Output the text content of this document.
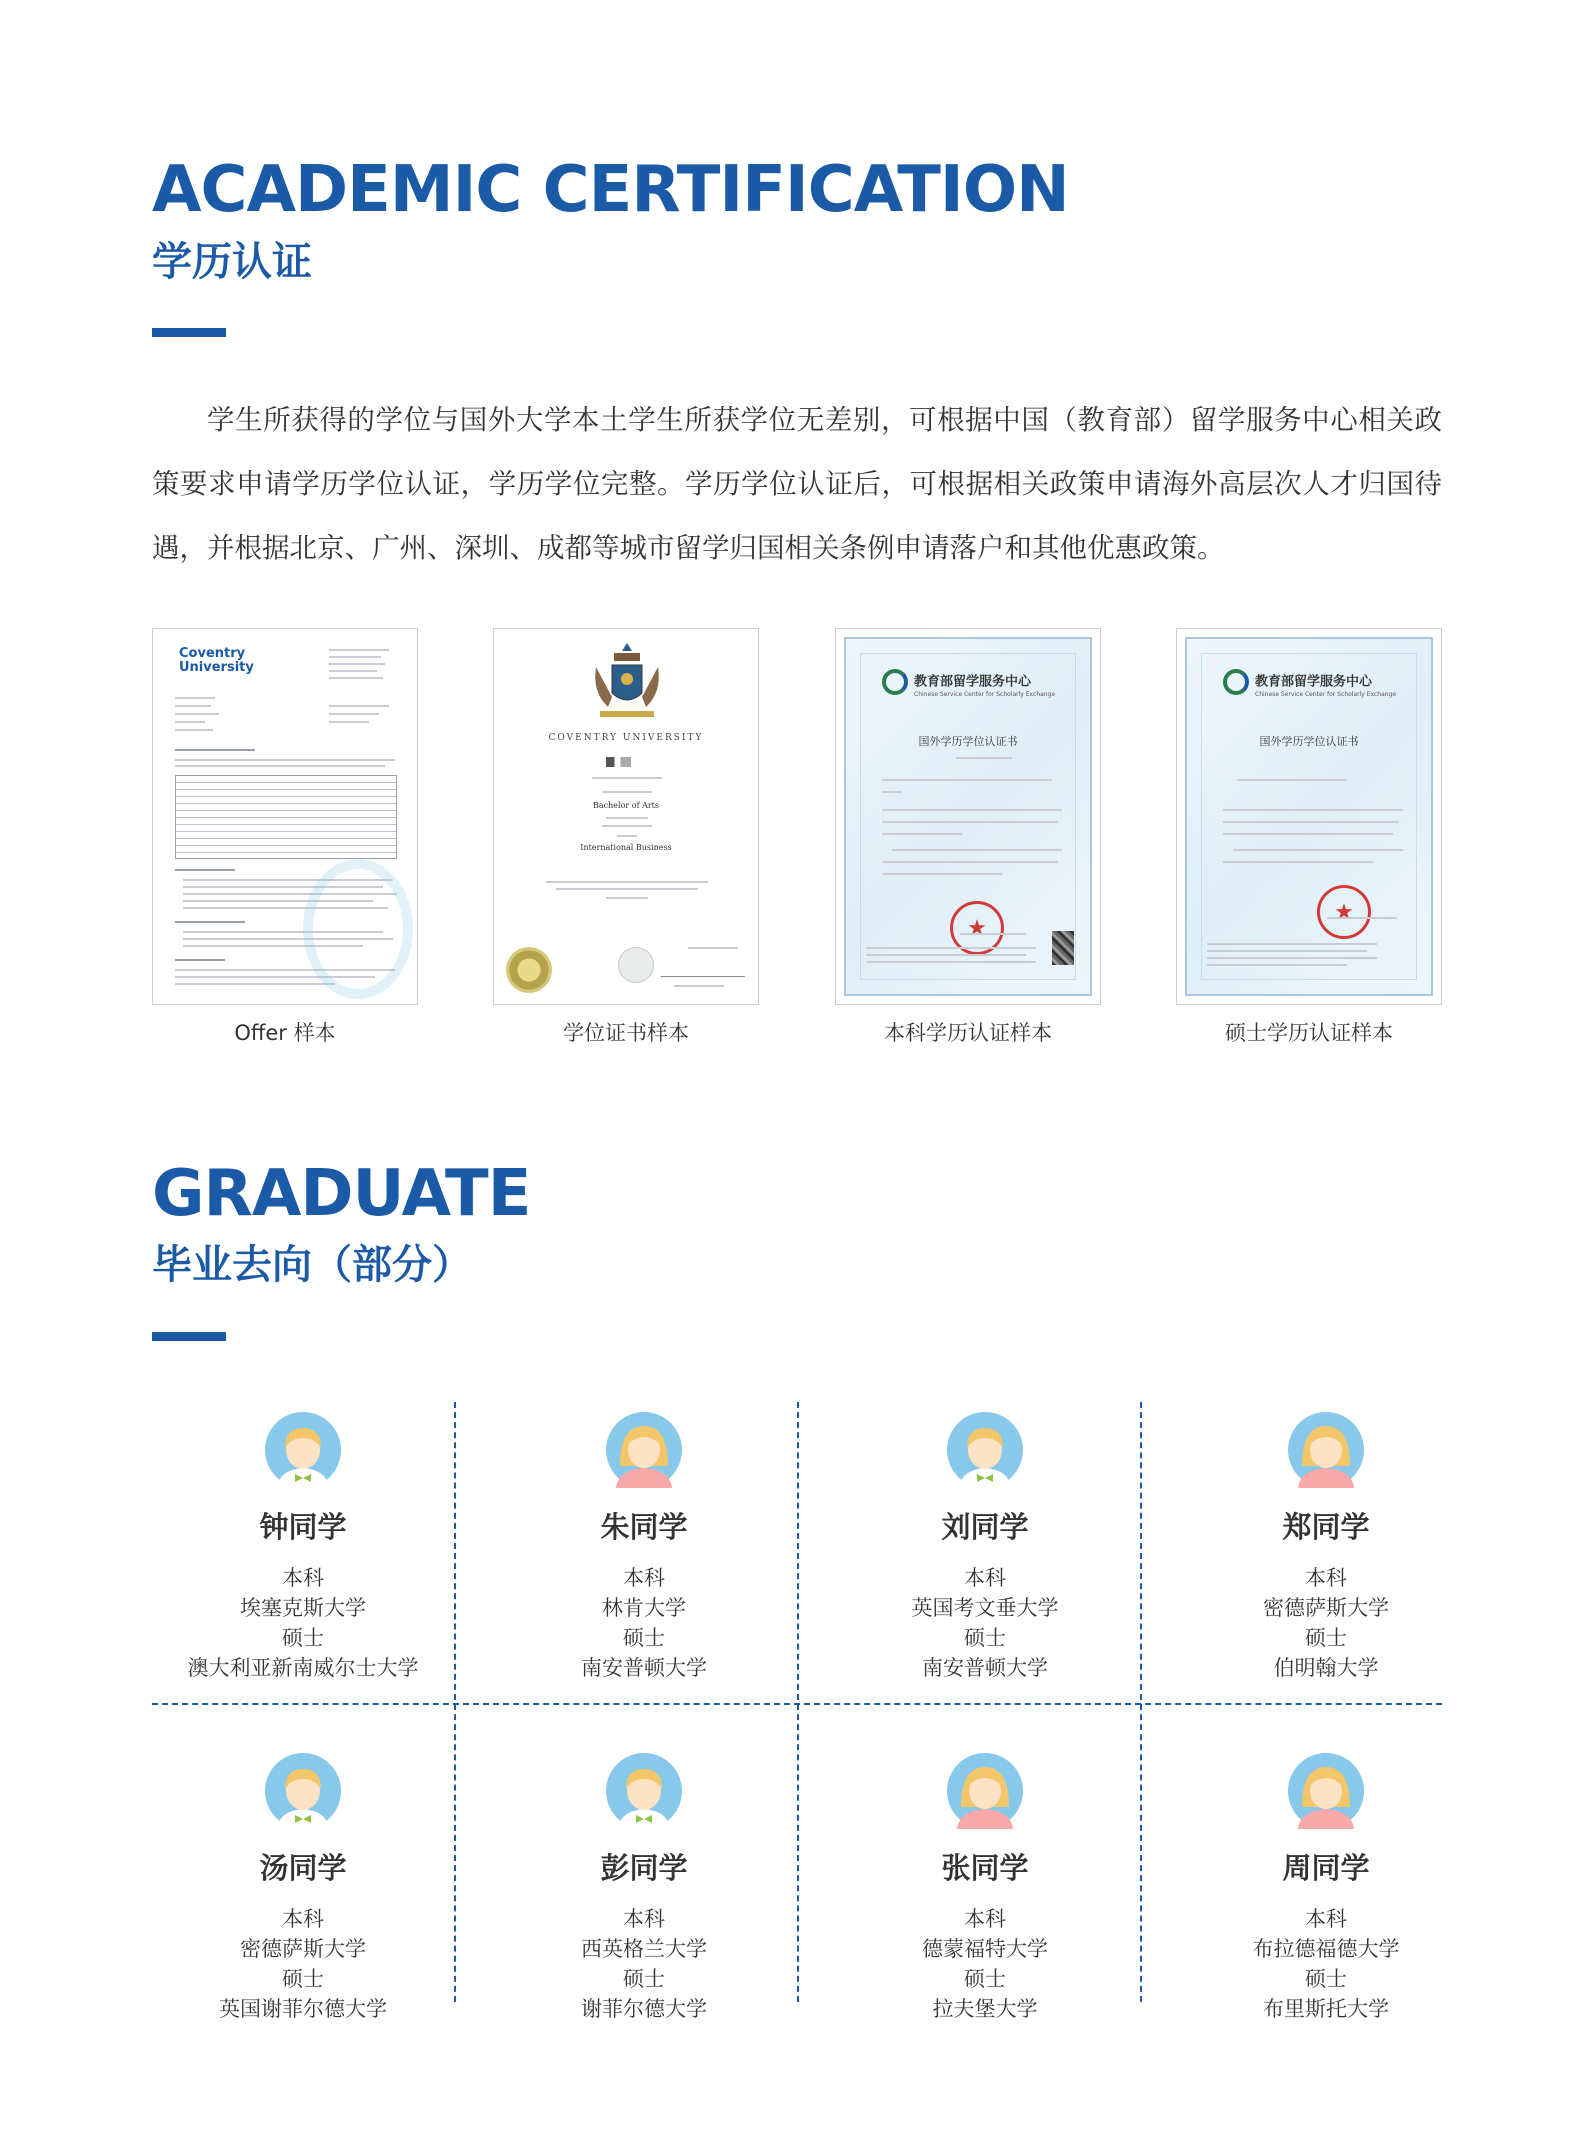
ACADEMIC CERTIFICATION
学历认证

学生所获得的学位与国外大学本土学生所获学位无差别，可根据中国（教育部）留学服务中心相关政策要求申请学历学位认证，学历学位完整。学历学位认证后，可根据相关政策申请海外高层次人才归国待遇，并根据北京、广州、深圳、成都等城市留学归国相关条例申请落户和其他优惠政策。

Coventry University
Offer 样本
COVENTRY UNIVERSITY
Bachelor of Arts
International Business
学位证书样本
教育部留学服务中心
Chinese Service Center for Scholarly Exchange
国外学历学位认证书
★
本科学历认证样本
教育部留学服务中心
Chinese Service Center for Scholarly Exchange
国外学历学位认证书
★
硕士学历认证样本
GRADUATE
毕业去向（部分）
钟同学
本科
埃塞克斯大学
硕士
澳大利亚新南威尔士大学
朱同学
本科
林肯大学
硕士
南安普顿大学
刘同学
本科
英国考文垂大学
硕士
南安普顿大学
郑同学
本科
密德萨斯大学
硕士
伯明翰大学
汤同学
本科
密德萨斯大学
硕士
英国谢菲尔德大学
彭同学
本科
西英格兰大学
硕士
谢菲尔德大学
张同学
本科
德蒙福特大学
硕士
拉夫堡大学
周同学
本科
布拉德福德大学
硕士
布里斯托大学
